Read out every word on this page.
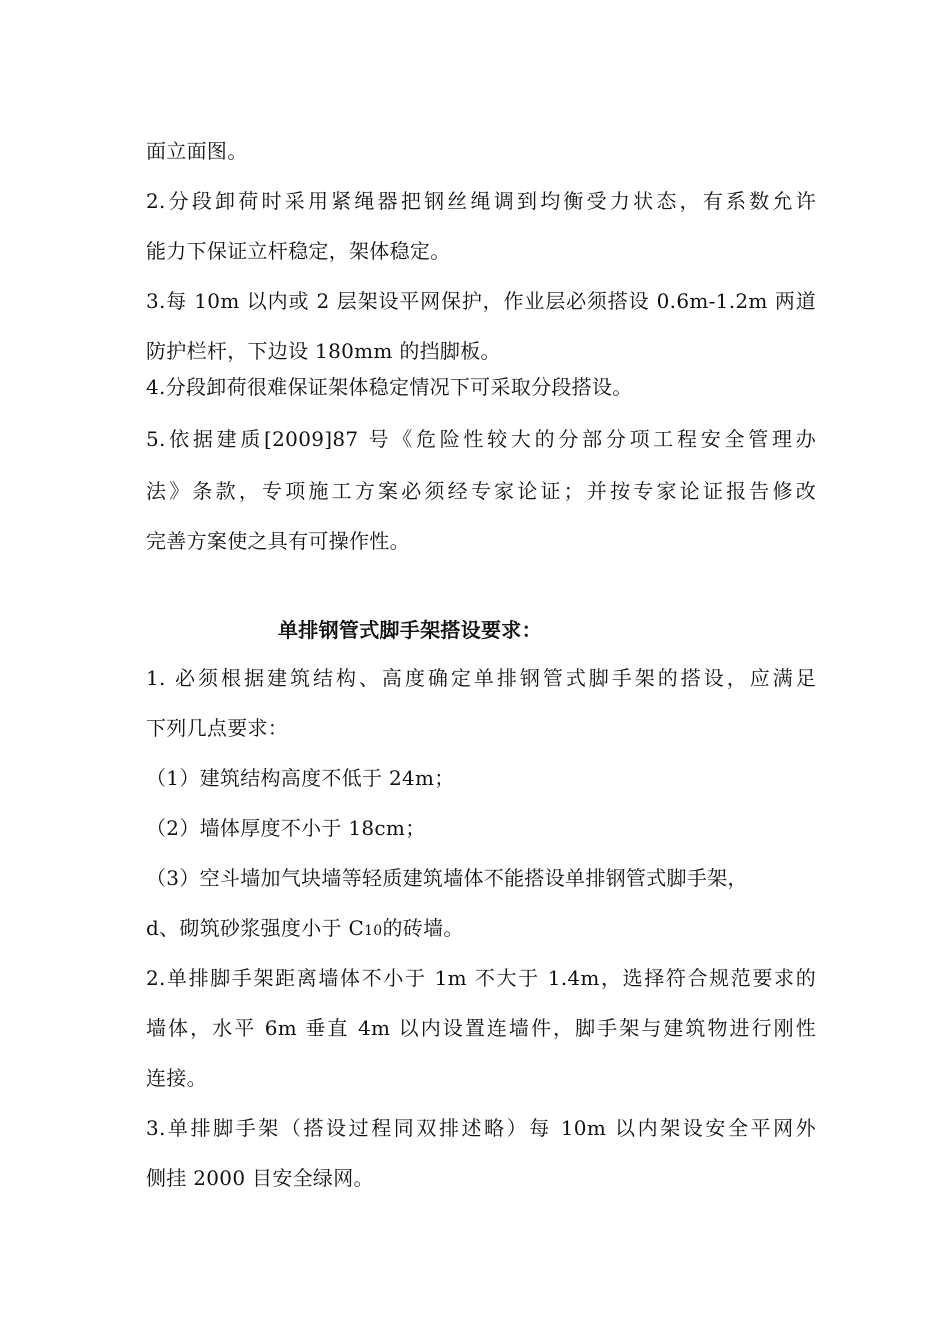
面立面图。
2.分段卸荷时采用紧绳器把钢丝绳调到均衡受力状态，有系数允许
能力下保证立杆稳定，架体稳定。
3.每 10m 以内或 2 层架设平网保护，作业层必须搭设 0.6m-1.2m 两道
防护栏杆，下边设 180mm 的挡脚板。
4.分段卸荷很难保证架体稳定情况下可采取分段搭设。
5.依据建质[2009]87 号《危险性较大的分部分项工程安全管理办
法》条款，专项施工方案必须经专家论证；并按专家论证报告修改
完善方案使之具有可操作性。
单排钢管式脚手架搭设要求：
1. 必须根据建筑结构、高度确定单排钢管式脚手架的搭设，应满足
下列几点要求：
（1）建筑结构高度不低于 24m；
（2）墙体厚度不小于 18cm；
（3）空斗墙加气块墙等轻质建筑墙体不能搭设单排钢管式脚手架，
d、砌筑砂浆强度小于 C10的砖墙。
2.单排脚手架距离墙体不小于 1m 不大于 1.4m，选择符合规范要求的
墙体，水平 6m 垂直 4m 以内设置连墙件，脚手架与建筑物进行刚性
连接。
3.单排脚手架（搭设过程同双排述略）每 10m 以内架设安全平网外
侧挂 2000 目安全绿网。
